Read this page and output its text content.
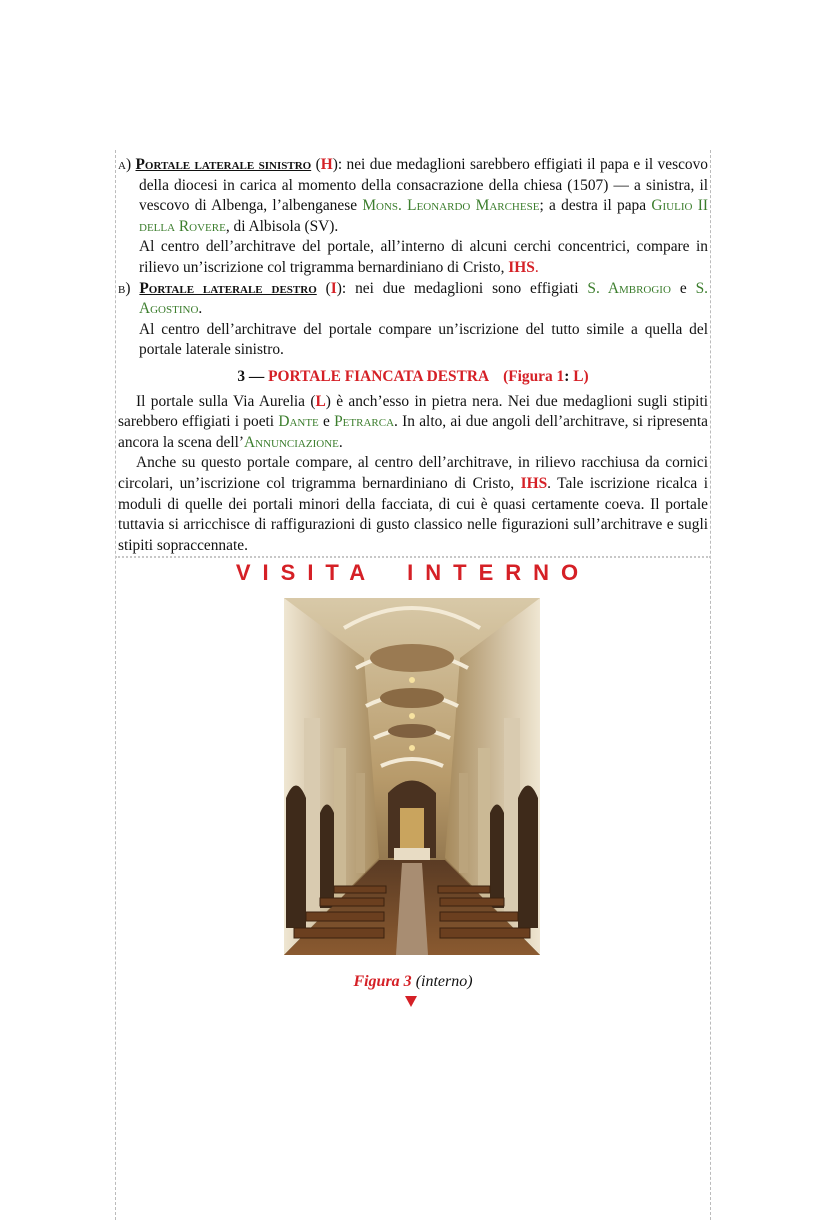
a) Portale laterale sinistro (H): nei due medaglioni sarebbero effigiati il papa e il vescovo della diocesi in carica al momento della consacrazione della chiesa (1507) — a sinistra, il vescovo di Albenga, l’albenganese Mons. Leonardo Marchese; a destra il papa Giulio II della Rovere, di Albisola (SV).

Al centro dell’architrave del portale, all’interno di alcuni cerchi concentrici, compare in rilievo un’iscrizione col trigramma bernardiniano di Cristo, IHS.

b) Portale laterale destro (I): nei due medaglioni sono effigiati S. Ambrogio e S. Agostino.

Al centro dell’architrave del portale compare un’iscrizione del tutto simile a quella del portale laterale sinistro.

3 — PORTALE FIANCATA DESTRA (Figura 1: L)

Il portale sulla Via Aurelia (L) è anch’esso in pietra nera. Nei due medaglioni sugli stipiti sarebbero effigiati i poeti Dante e Petrarca. In alto, ai due angoli dell’architrave, si ripresenta ancora la scena dell’Annunciazione.

Anche su questo portale compare, al centro dell’architrave, in rilievo racchiusa da cornici circolari, un’iscrizione col trigramma bernardiniano di Cristo, IHS. Tale iscrizione ricalca i moduli di quelle dei portali minori della facciata, di cui è quasi certamente coeva. Il portale tuttavia si arricchisce di raffigurazioni di gusto classico nelle figurazioni sull’architrave e sugli stipiti sopraccennate.

VISITA INTERNO
Figura 3 (interno)
